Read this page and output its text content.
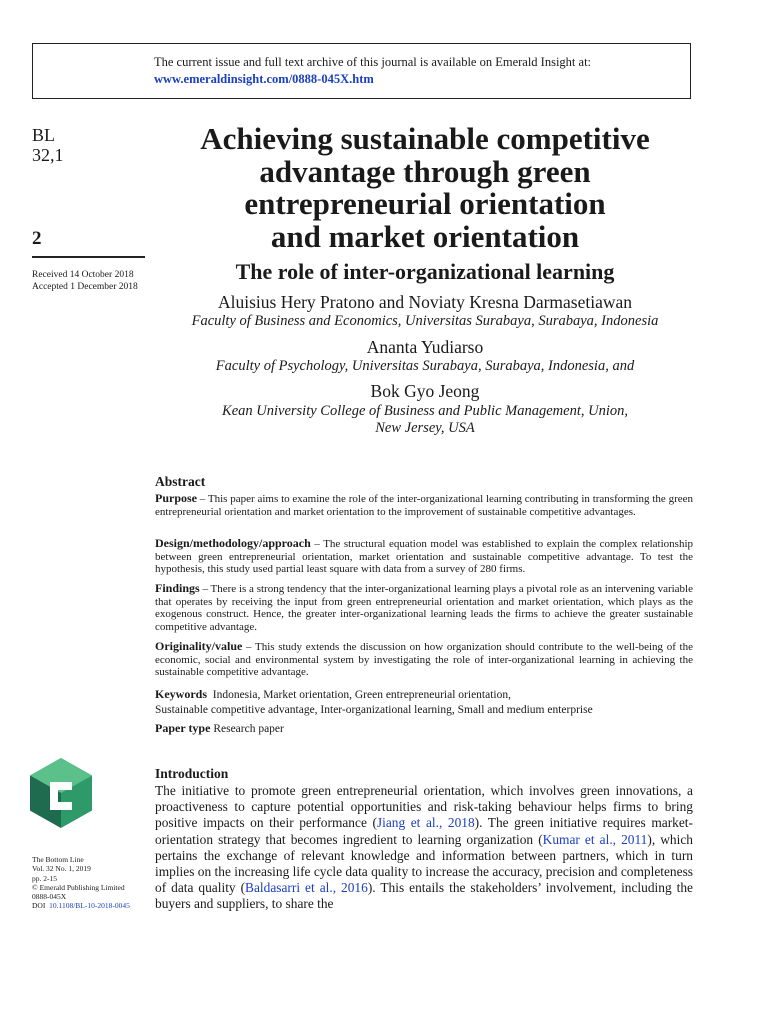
The current issue and full text archive of this journal is available on Emerald Insight at:
www.emeraldinsight.com/0888-045X.htm
BL
32,1
2
Received 14 October 2018
Accepted 1 December 2018
Achieving sustainable competitive
advantage through green
entrepreneurial orientation
and market orientation
The role of inter-organizational learning
Aluisius Hery Pratono and Noviaty Kresna Darmasetiawan
Faculty of Business and Economics, Universitas Surabaya, Surabaya, Indonesia
Ananta Yudiarso
Faculty of Psychology, Universitas Surabaya, Surabaya, Indonesia, and
Bok Gyo Jeong
Kean University College of Business and Public Management, Union,
New Jersey, USA
Abstract
Purpose – This paper aims to examine the role of the inter-organizational learning contributing in transforming the green entrepreneurial orientation and market orientation to the improvement of sustainable competitive advantages.
Design/methodology/approach – The structural equation model was established to explain the complex relationship between green entrepreneurial orientation, market orientation and sustainable competitive advantage. To test the hypothesis, this study used partial least square with data from a survey of 280 firms.
Findings – There is a strong tendency that the inter-organizational learning plays a pivotal role as an intervening variable that operates by receiving the input from green entrepreneurial orientation and market orientation, which plays as the exogenous construct. Hence, the greater inter-organizational learning leads the firms to achieve the greater sustainable competitive advantage.
Originality/value – This study extends the discussion on how organization should contribute to the well-being of the economic, social and environmental system by investigating the role of inter-organizational learning in achieving the sustainable competitive advantage.
Keywords Indonesia, Market orientation, Green entrepreneurial orientation,
Sustainable competitive advantage, Inter-organizational learning, Small and medium enterprise
Paper type Research paper
Introduction
The initiative to promote green entrepreneurial orientation, which involves green innovations, a proactiveness to capture potential opportunities and risk-taking behaviour helps firms to bring positive impacts on their performance (Jiang et al., 2018). The green initiative requires market-orientation strategy that becomes ingredient to learning organization (Kumar et al., 2011), which pertains the exchange of relevant knowledge and information between partners, which in turn implies on the increasing life cycle data quality to increase the accuracy, precision and completeness of data quality (Baldasarri et al., 2016). This entails the stakeholders’ involvement, including the buyers and suppliers, to share the
The Bottom Line
Vol. 32 No. 1, 2019
pp. 2-15
© Emerald Publishing Limited
0888-045X
DOI 10.1108/BL-10-2018-0045
